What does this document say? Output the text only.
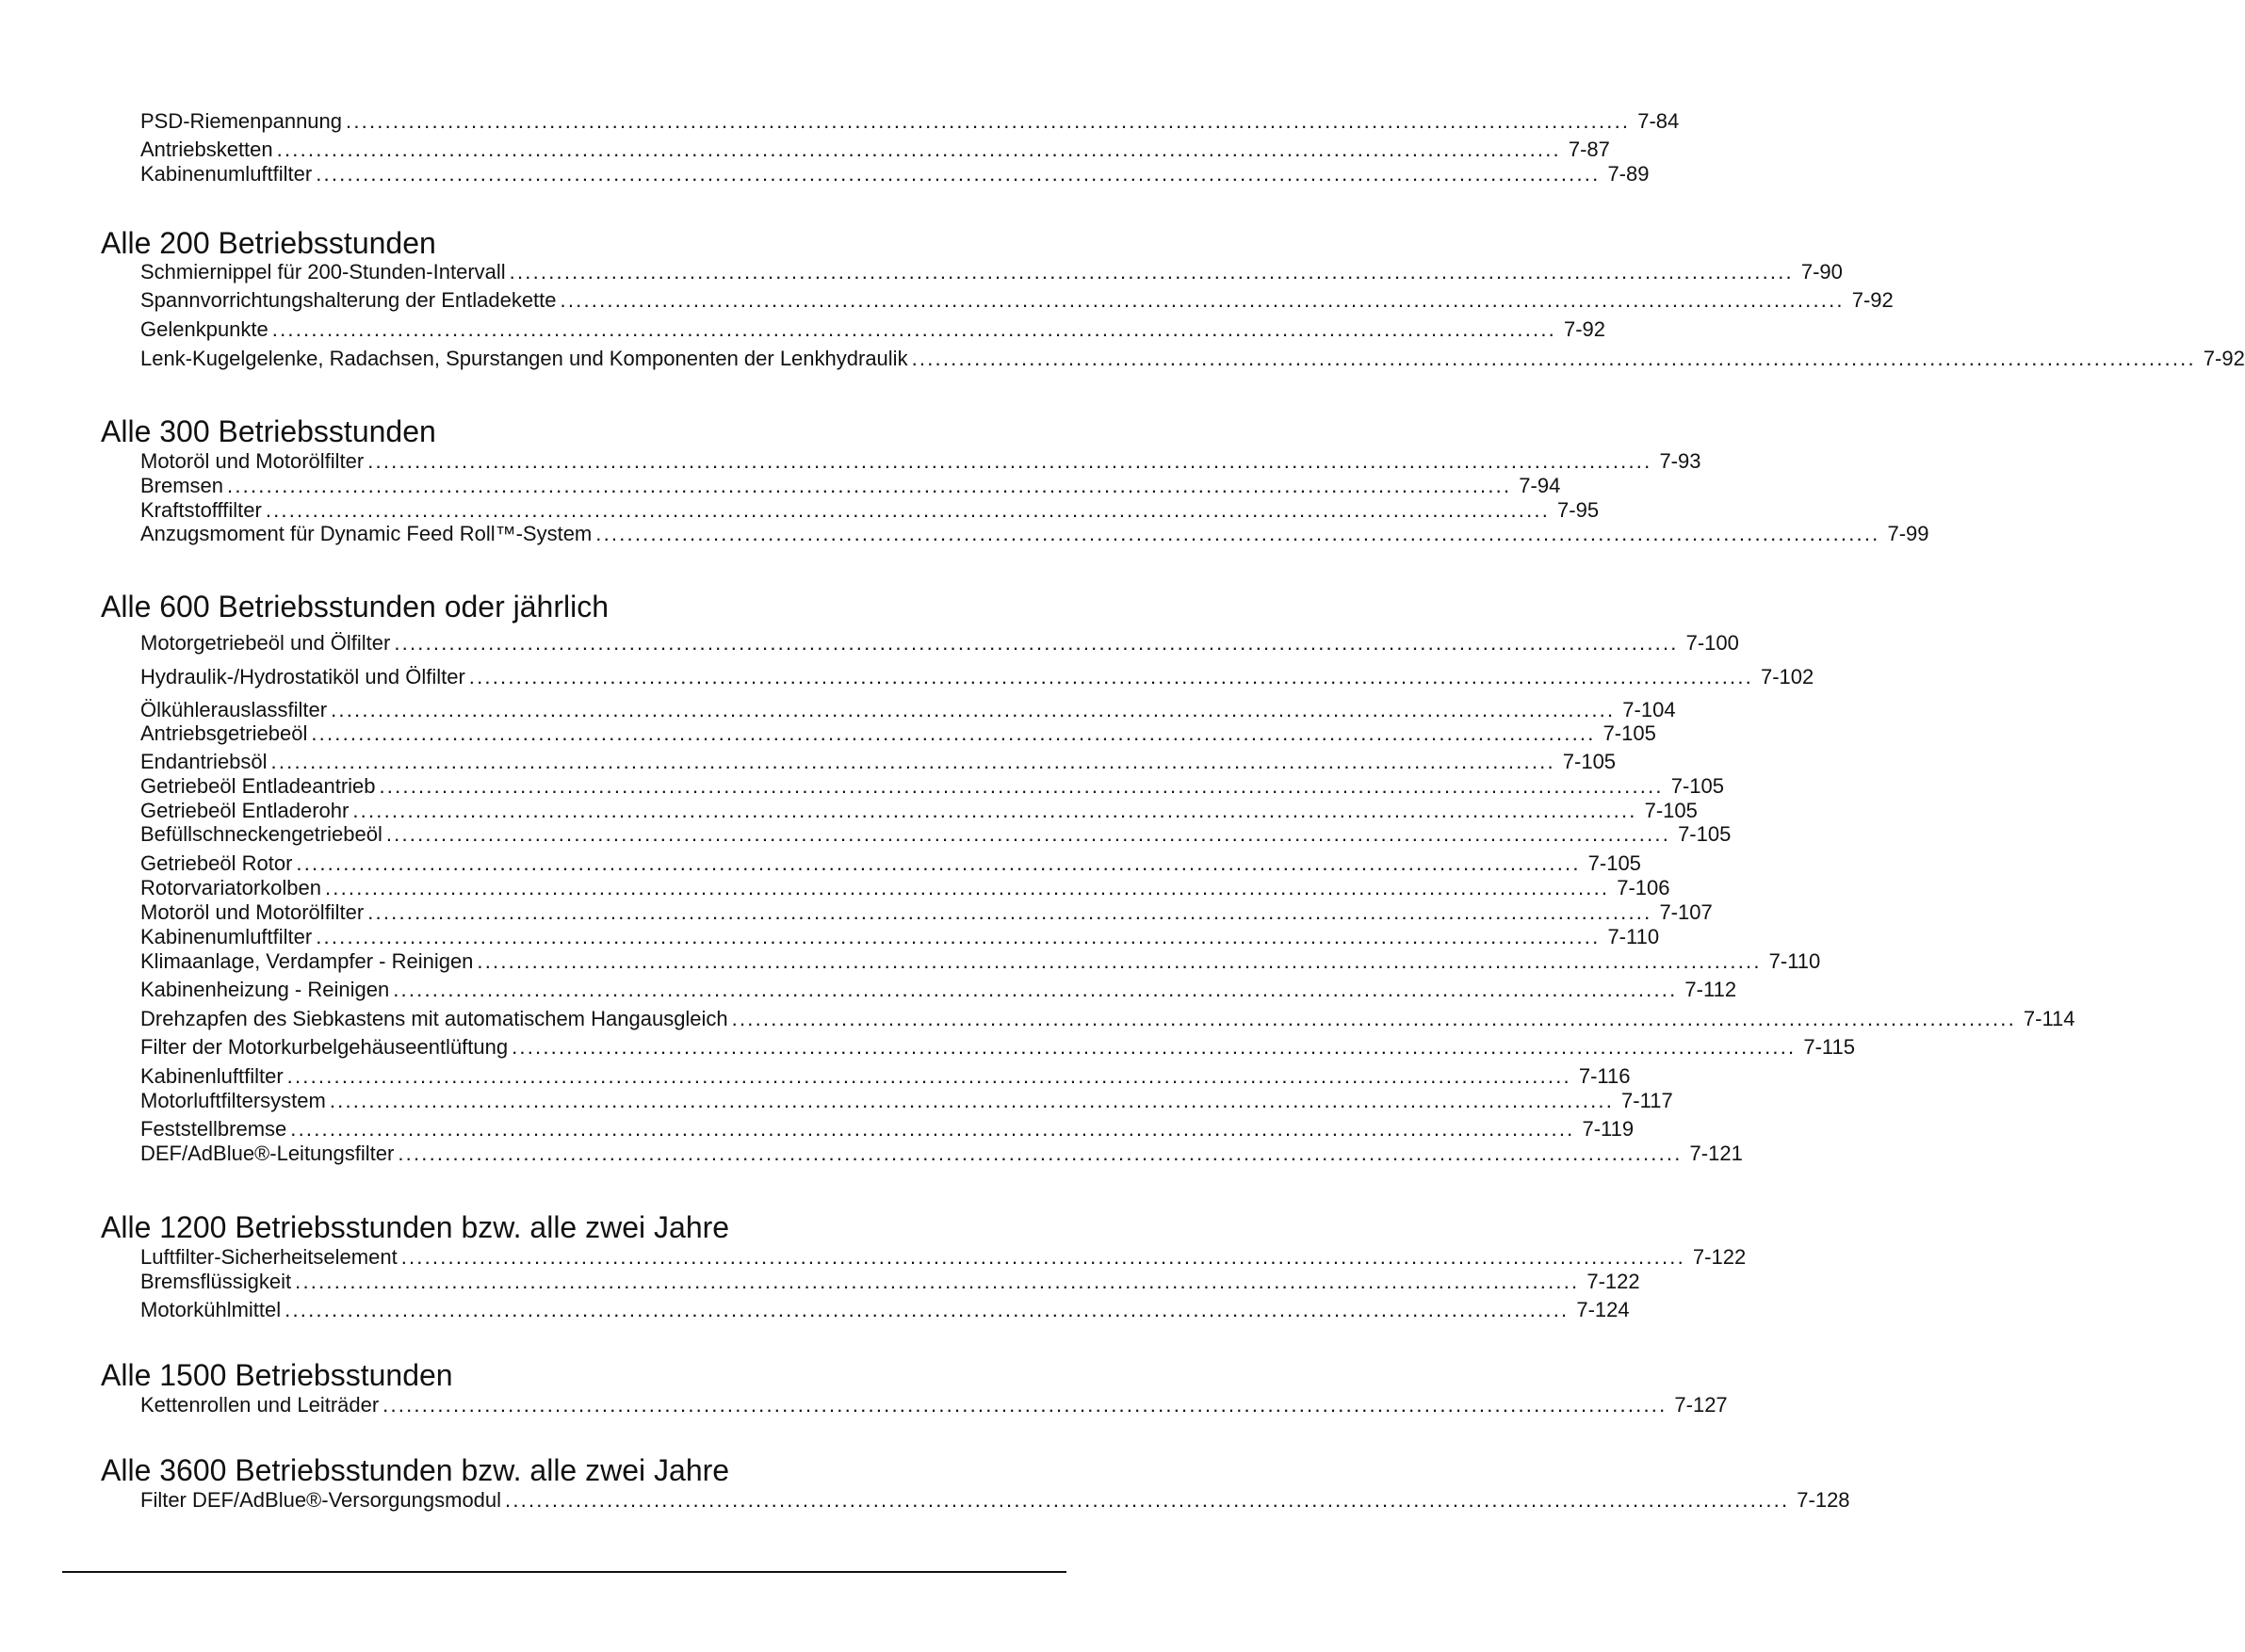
PSD-Riemenpannung .................................................................................................................................................................... 7-84
Antriebsketten .................................................................................................................................................................... 7-87
Kabinenumluftfilter .................................................................................................................................................................... 7-89
Alle 200 Betriebsstunden
Schmiernippel für 200-Stunden-Intervall .................................................................................................................................................................... 7-90
Spannvorrichtungshalterung der Entladekette .................................................................................................................................................................... 7-92
Gelenkpunkte .................................................................................................................................................................... 7-92
Lenk-Kugelgelenke, Radachsen, Spurstangen und Komponenten der Lenkhydraulik .................................................................................................................................................................... 7-92
Alle 300 Betriebsstunden
Motoröl und Motorölfilter .................................................................................................................................................................... 7-93
Bremsen .................................................................................................................................................................... 7-94
Kraftstofffilter .................................................................................................................................................................... 7-95
Anzugsmoment für Dynamic Feed Roll™-System .................................................................................................................................................................... 7-99
Alle 600 Betriebsstunden oder jährlich
Motorgetriebeöl und Ölfilter .................................................................................................................................................................... 7-100
Hydraulik-/Hydrostatiköl und Ölfilter .................................................................................................................................................................... 7-102
Ölkühlerauslassfilter .................................................................................................................................................................... 7-104
Antriebsgetriebeöl .................................................................................................................................................................... 7-105
Endantriebsöl .................................................................................................................................................................... 7-105
Getriebeöl Entladeantrieb .................................................................................................................................................................... 7-105
Getriebeöl Entladerohr .................................................................................................................................................................... 7-105
Befüllschneckengetriebeöl .................................................................................................................................................................... 7-105
Getriebeöl Rotor .................................................................................................................................................................... 7-105
Rotorvariatorkolben .................................................................................................................................................................... 7-106
Motoröl und Motorölfilter .................................................................................................................................................................... 7-107
Kabinenumluftfilter .................................................................................................................................................................... 7-110
Klimaanlage, Verdampfer - Reinigen .................................................................................................................................................................... 7-110
Kabinenheizung - Reinigen .................................................................................................................................................................... 7-112
Drehzapfen des Siebkastens mit automatischem Hangausgleich .................................................................................................................................................................... 7-114
Filter der Motorkurbelgehäuseentlüftung .................................................................................................................................................................... 7-115
Kabinenluftfilter .................................................................................................................................................................... 7-116
Motorluftfiltersystem .................................................................................................................................................................... 7-117
Feststellbremse .................................................................................................................................................................... 7-119
DEF/AdBlue®-Leitungsfilter .................................................................................................................................................................... 7-121
Alle 1200 Betriebsstunden bzw. alle zwei Jahre
Luftfilter-Sicherheitselement .................................................................................................................................................................... 7-122
Bremsflüssigkeit .................................................................................................................................................................... 7-122
Motorkühlmittel .................................................................................................................................................................... 7-124
Alle 1500 Betriebsstunden
Kettenrollen und Leiträder .................................................................................................................................................................... 7-127
Alle 3600 Betriebsstunden bzw. alle zwei Jahre
Filter DEF/AdBlue®-Versorgungsmodul .................................................................................................................................................................... 7-128
